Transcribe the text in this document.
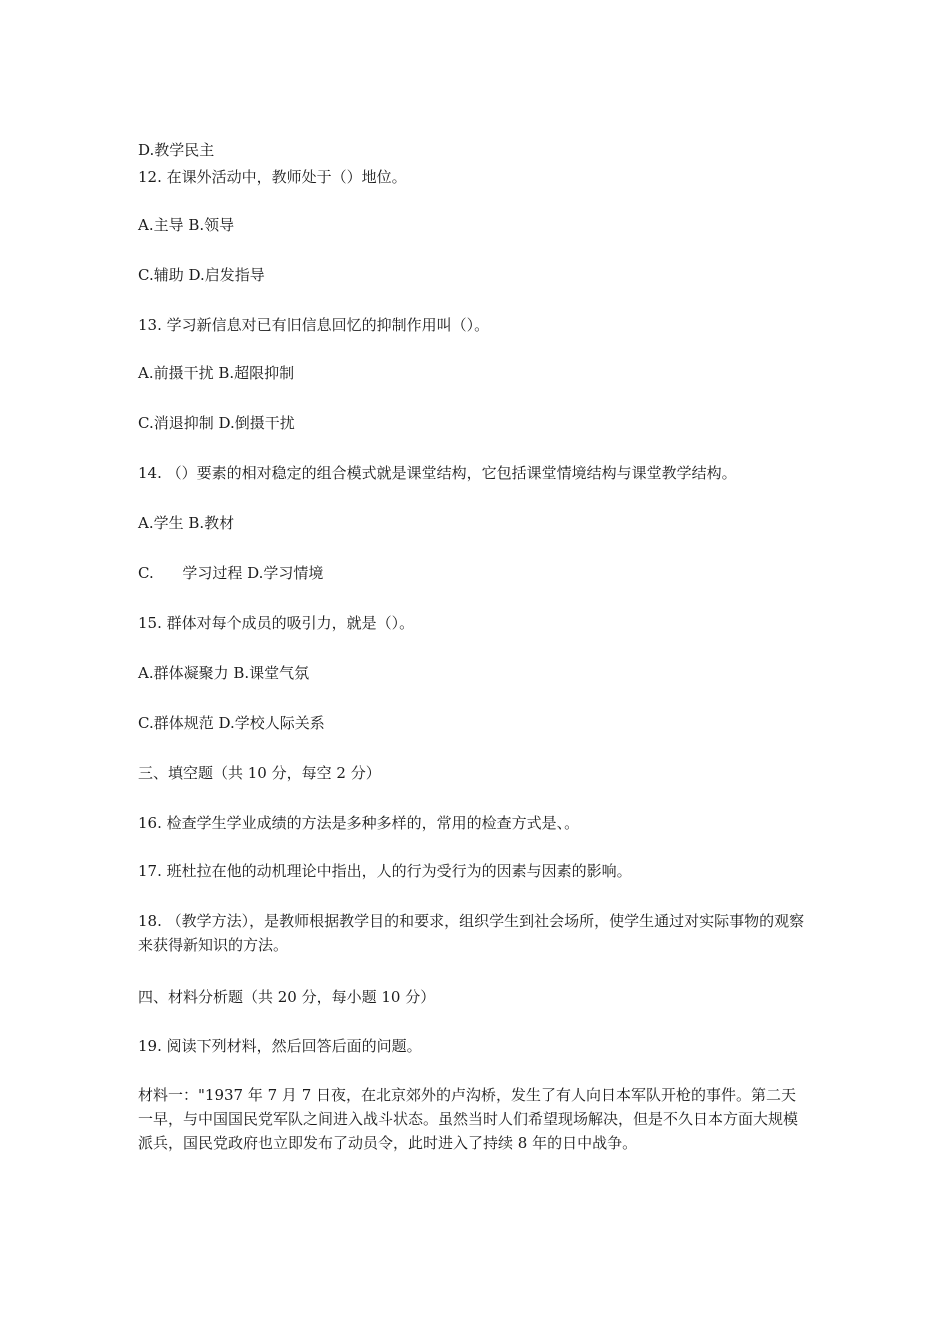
D.教学民主
12. 在课外活动中，教师处于（）地位。
A.主导 B.领导
C.辅助 D.启发指导
13. 学习新信息对已有旧信息回忆的抑制作用叫（）。
A.前摄干扰 B.超限抑制
C.消退抑制 D.倒摄干扰
14. （）要素的相对稳定的组合模式就是课堂结构，它包括课堂情境结构与课堂教学结构。
A.学生 B.教材
C.      学习过程 D.学习情境
15. 群体对每个成员的吸引力，就是（）。
A.群体凝聚力 B.课堂气氛
C.群体规范 D.学校人际关系
三、填空题（共 10 分，每空 2 分）
16. 检查学生学业成绩的方法是多种多样的，常用的检查方式是、。
17. 班杜拉在他的动机理论中指出，人的行为受行为的因素与因素的影响。
18. （教学方法），是教师根据教学目的和要求，组织学生到社会场所，使学生通过对实际事物的观察来获得新知识的方法。
四、材料分析题（共 20 分，每小题 10 分）
19. 阅读下列材料，然后回答后面的问题。
材料一："1937 年 7 月 7 日夜，在北京郊外的卢沟桥，发生了有人向日本军队开枪的事件。第二天一早，与中国国民党军队之间进入战斗状态。虽然当时人们希望现场解决，但是不久日本方面大规模派兵，国民党政府也立即发布了动员令，此时进入了持续 8 年的日中战争。
